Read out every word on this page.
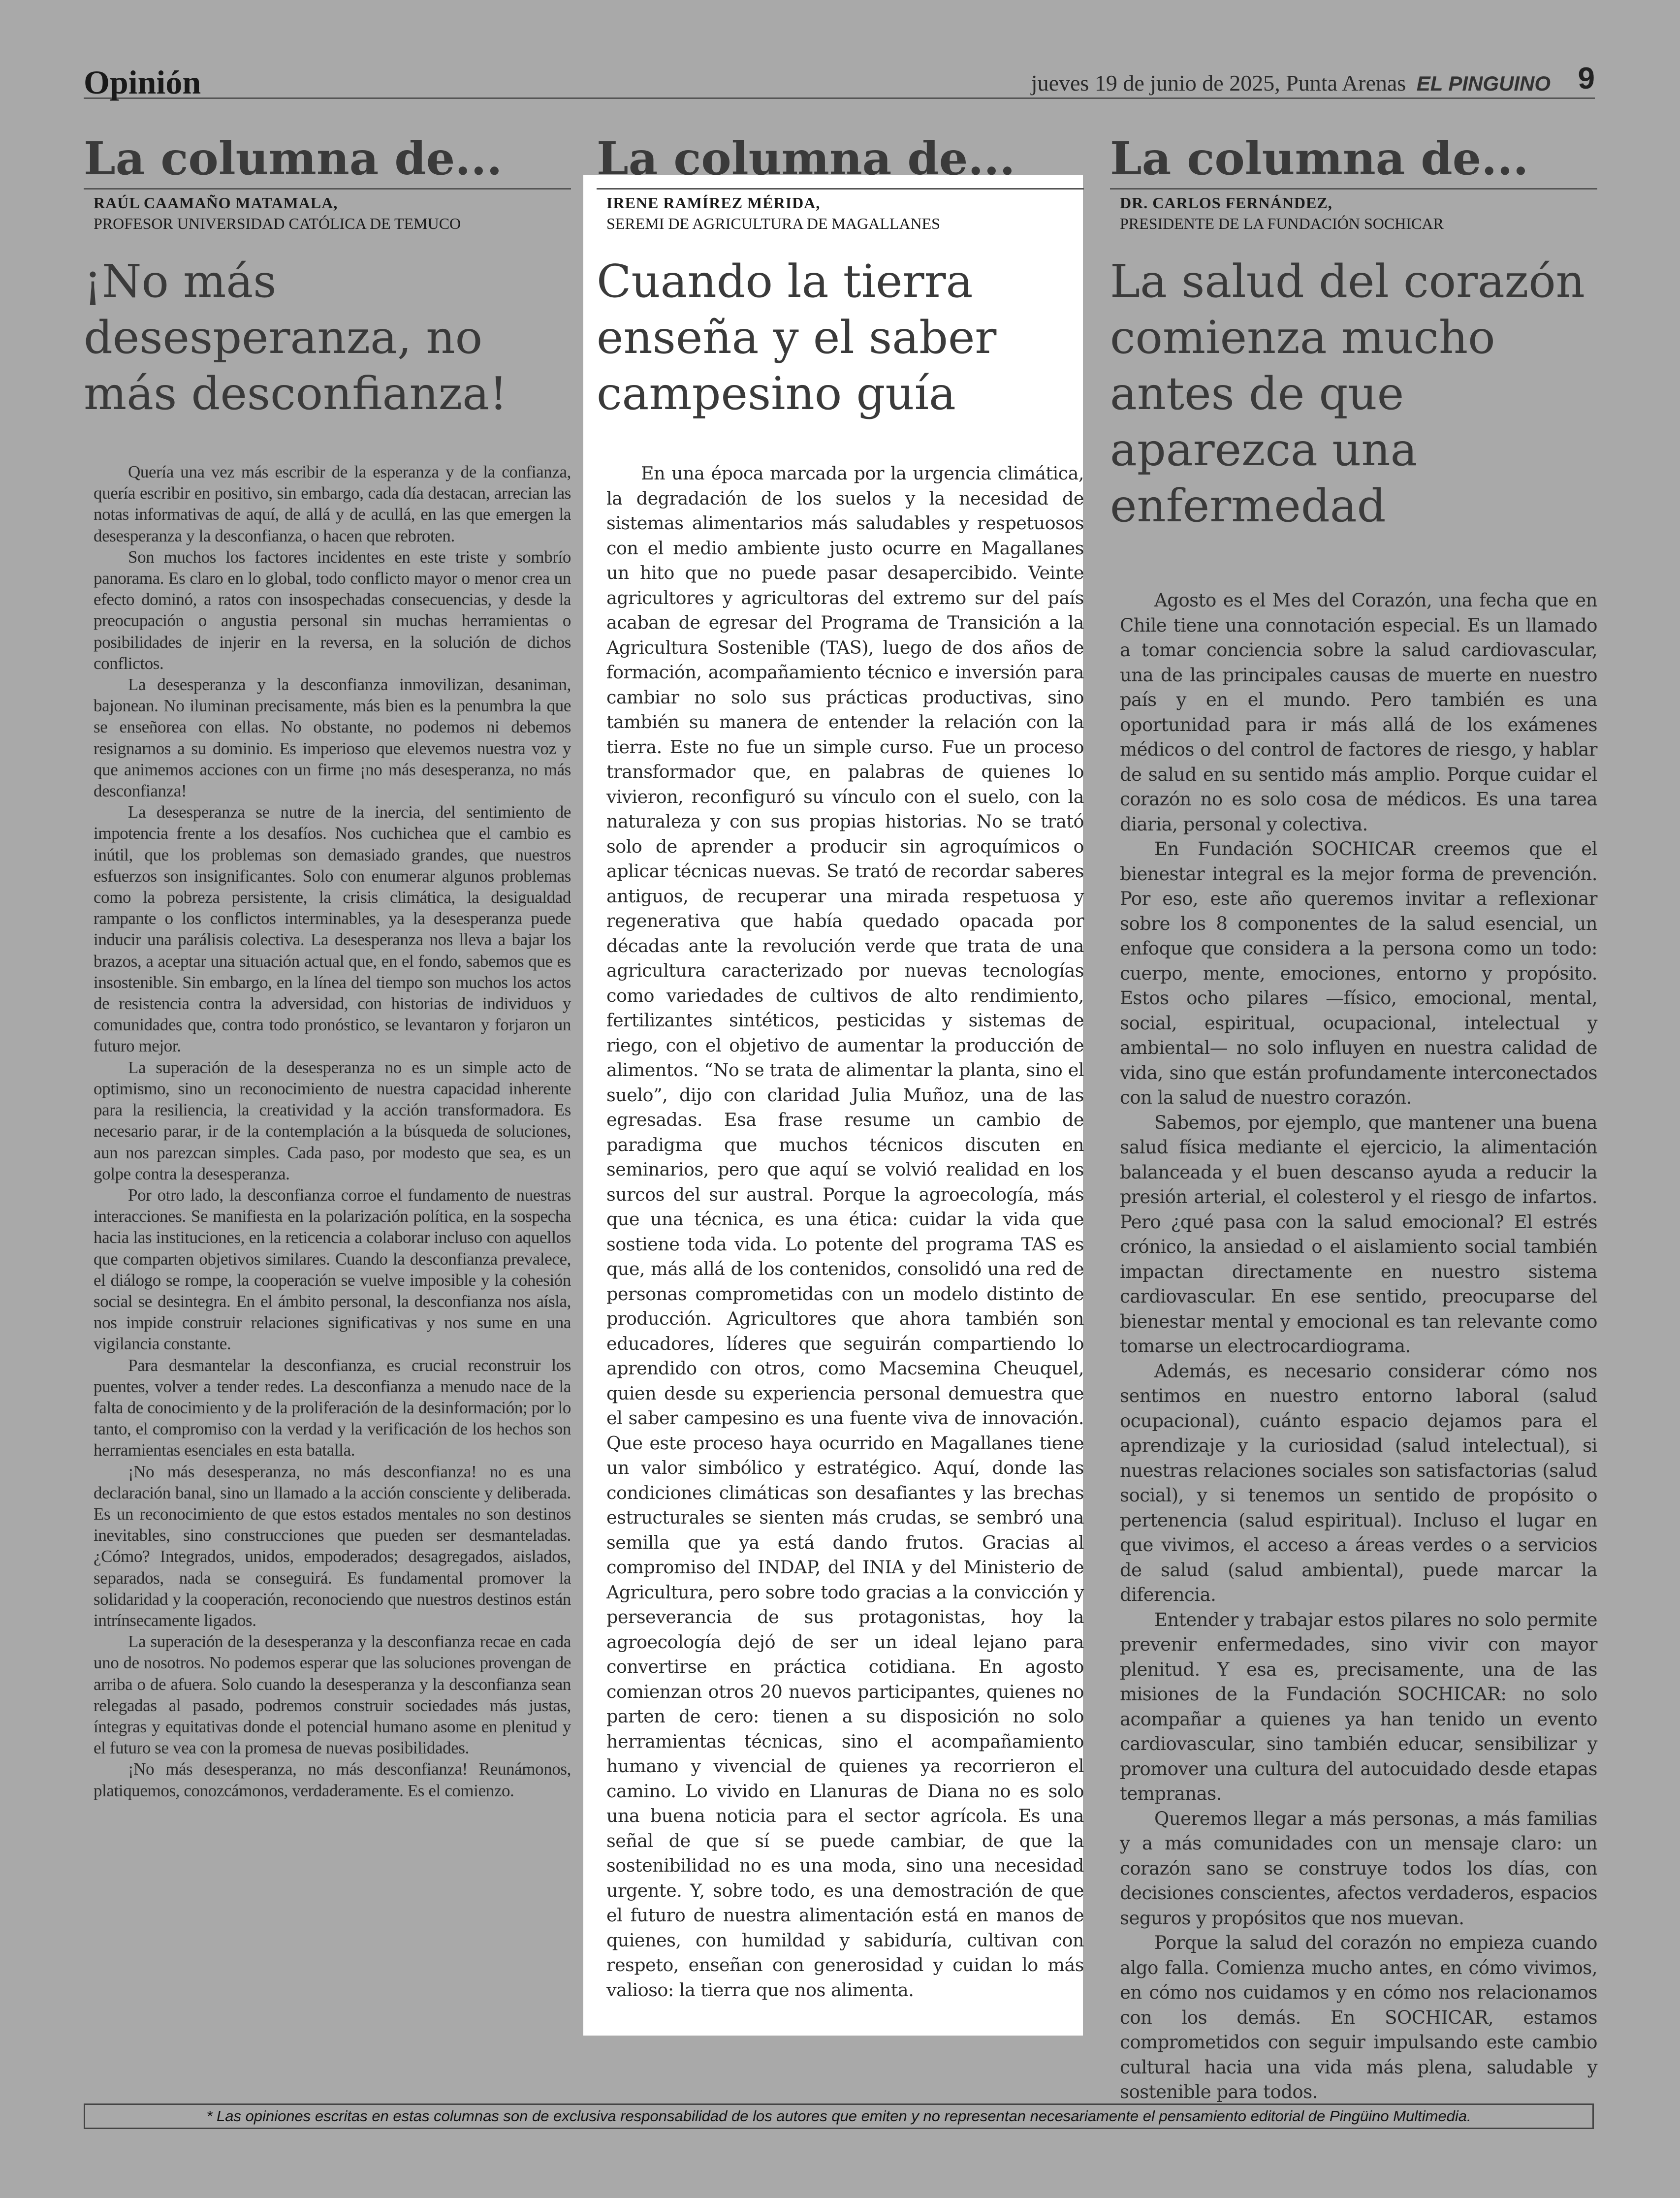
Opinión	jueves 19 de junio de 2025, Punta Arenas EL PINGUINO 9
La columna de...
RAÚL CAAMAÑO MATAMALA,
PROFESOR UNIVERSIDAD CATÓLICA DE TEMUCO
¡No más desesperanza, no más desconfianza!

Quería una vez más escribir de la esperanza y de la confianza, quería escribir en positivo, sin embargo, cada día destacan, arrecian las notas informativas de aquí, de allá y de acullá, en las que emergen la desesperanza y la desconfianza, o hacen que rebroten.

Son muchos los factores incidentes en este triste y sombrío panorama. Es claro en lo global, todo conflicto mayor o menor crea un efecto dominó, a ratos con insospechadas consecuencias, y desde la preocupación o angustia personal sin muchas herramientas o posibilidades de injerir en la reversa, en la solución de dichos conflictos.

La desesperanza y la desconfianza inmovilizan, desaniman, bajonean. No iluminan precisamente, más bien es la penumbra la que se enseñorea con ellas. No obstante, no podemos ni debemos resignarnos a su dominio. Es imperioso que elevemos nuestra voz y que animemos acciones con un firme ¡no más desesperanza, no más desconfianza!

La desesperanza se nutre de la inercia, del sentimiento de impotencia frente a los desafíos. Nos cuchichea que el cambio es inútil, que los problemas son demasiado grandes, que nuestros esfuerzos son insignificantes. Solo con enumerar algunos problemas como la pobreza persistente, la crisis climática, la desigualdad rampante o los conflictos interminables, ya la desesperanza puede inducir una parálisis colectiva. La desesperanza nos lleva a bajar los brazos, a aceptar una situación actual que, en el fondo, sabemos que es insostenible. Sin embargo, en la línea del tiempo son muchos los actos de resistencia contra la adversidad, con historias de individuos y comunidades que, contra todo pronóstico, se levantaron y forjaron un futuro mejor.

La superación de la desesperanza no es un simple acto de optimismo, sino un reconocimiento de nuestra capacidad inherente para la resiliencia, la creatividad y la acción transformadora. Es necesario parar, ir de la contemplación a la búsqueda de soluciones, aun nos parezcan simples. Cada paso, por modesto que sea, es un golpe contra la desesperanza.

Por otro lado, la desconfianza corroe el fundamento de nuestras interacciones. Se manifiesta en la polarización política, en la sospecha hacia las instituciones, en la reticencia a colaborar incluso con aquellos que comparten objetivos similares. Cuando la desconfianza prevalece, el diálogo se rompe, la cooperación se vuelve imposible y la cohesión social se desintegra. En el ámbito personal, la desconfianza nos aísla, nos impide construir relaciones significativas y nos sume en una vigilancia constante.

Para desmantelar la desconfianza, es crucial reconstruir los puentes, volver a tender redes. La desconfianza a menudo nace de la falta de conocimiento y de la proliferación de la desinformación; por lo tanto, el compromiso con la verdad y la verificación de los hechos son herramientas esenciales en esta batalla.

¡No más desesperanza, no más desconfianza! no es una declaración banal, sino un llamado a la acción consciente y deliberada. Es un reconocimiento de que estos estados mentales no son destinos inevitables, sino construcciones que pueden ser desmanteladas. ¿Cómo? Integrados, unidos, empoderados; desagregados, aislados, separados, nada se conseguirá. Es fundamental promover la solidaridad y la cooperación, reconociendo que nuestros destinos están intrínsecamente ligados.

La superación de la desesperanza y la desconfianza recae en cada uno de nosotros. No podemos esperar que las soluciones provengan de arriba o de afuera. Solo cuando la desesperanza y la desconfianza sean relegadas al pasado, podremos construir sociedades más justas, íntegras y equitativas donde el potencial humano asome en plenitud y el futuro se vea con la promesa de nuevas posibilidades.

¡No más desesperanza, no más desconfianza! Reunámonos, platiquemos, conozcámonos, verdaderamente. Es el comienzo.

La columna de...
IRENE RAMÍREZ MÉRIDA,
SEREMI DE AGRICULTURA DE MAGALLANES
Cuando la tierra enseña y el saber campesino guía

En una época marcada por la urgencia climática, la degradación de los suelos y la necesidad de sistemas alimentarios más saludables y respetuosos con el medio ambiente justo ocurre en Magallanes un hito que no puede pasar desapercibido. Veinte agricultores y agricultoras del extremo sur del país acaban de egresar del Programa de Transición a la Agricultura Sostenible (TAS), luego de dos años de formación, acompañamiento técnico e inversión para cambiar no solo sus prácticas productivas, sino también su manera de entender la relación con la tierra. Este no fue un simple curso. Fue un proceso transformador que, en palabras de quienes lo vivieron, reconfiguró su vínculo con el suelo, con la naturaleza y con sus propias historias. No se trató solo de aprender a producir sin agroquímicos o aplicar técnicas nuevas. Se trató de recordar saberes antiguos, de recuperar una mirada respetuosa y regenerativa que había quedado opacada por décadas ante la revolución verde que trata de una agricultura caracterizado por nuevas tecnologías como variedades de cultivos de alto rendimiento, fertilizantes sintéticos, pesticidas y sistemas de riego, con el objetivo de aumentar la producción de alimentos. “No se trata de alimentar la planta, sino el suelo”, dijo con claridad Julia Muñoz, una de las egresadas. Esa frase resume un cambio de paradigma que muchos técnicos discuten en seminarios, pero que aquí se volvió realidad en los surcos del sur austral. Porque la agroecología, más que una técnica, es una ética: cuidar la vida que sostiene toda vida. Lo potente del programa TAS es que, más allá de los contenidos, consolidó una red de personas comprometidas con un modelo distinto de producción. Agricultores que ahora también son educadores, líderes que seguirán compartiendo lo aprendido con otros, como Macsemina Cheuquel, quien desde su experiencia personal demuestra que el saber campesino es una fuente viva de innovación. Que este proceso haya ocurrido en Magallanes tiene un valor simbólico y estratégico. Aquí, donde las condiciones climáticas son desafiantes y las brechas estructurales se sienten más crudas, se sembró una semilla que ya está dando frutos. Gracias al compromiso del INDAP, del INIA y del Ministerio de Agricultura, pero sobre todo gracias a la convicción y perseverancia de sus protagonistas, hoy la agroecología dejó de ser un ideal lejano para convertirse en práctica cotidiana. En agosto comienzan otros 20 nuevos participantes, quienes no parten de cero: tienen a su disposición no solo herramientas técnicas, sino el acompañamiento humano y vivencial de quienes ya recorrieron el camino. Lo vivido en Llanuras de Diana no es solo una buena noticia para el sector agrícola. Es una señal de que sí se puede cambiar, de que la sostenibilidad no es una moda, sino una necesidad urgente. Y, sobre todo, es una demostración de que el futuro de nuestra alimentación está en manos de quienes, con humildad y sabiduría, cultivan con respeto, enseñan con generosidad y cuidan lo más valioso: la tierra que nos alimenta.

La columna de...
DR. CARLOS FERNÁNDEZ,
PRESIDENTE DE LA FUNDACIÓN SOCHICAR
La salud del corazón comienza mucho antes de que aparezca una enfermedad

Agosto es el Mes del Corazón, una fecha que en Chile tiene una connotación especial. Es un llamado a tomar conciencia sobre la salud cardiovascular, una de las principales causas de muerte en nuestro país y en el mundo. Pero también es una oportunidad para ir más allá de los exámenes médicos o del control de factores de riesgo, y hablar de salud en su sentido más amplio. Porque cuidar el corazón no es solo cosa de médicos. Es una tarea diaria, personal y colectiva.

En Fundación SOCHICAR creemos que el bienestar integral es la mejor forma de prevención. Por eso, este año queremos invitar a reflexionar sobre los 8 componentes de la salud esencial, un enfoque que considera a la persona como un todo: cuerpo, mente, emociones, entorno y propósito. Estos ocho pilares —físico, emocional, mental, social, espiritual, ocupacional, intelectual y ambiental— no solo influyen en nuestra calidad de vida, sino que están profundamente interconectados con la salud de nuestro corazón.

Sabemos, por ejemplo, que mantener una buena salud física mediante el ejercicio, la alimentación balanceada y el buen descanso ayuda a reducir la presión arterial, el colesterol y el riesgo de infartos. Pero ¿qué pasa con la salud emocional? El estrés crónico, la ansiedad o el aislamiento social también impactan directamente en nuestro sistema cardiovascular. En ese sentido, preocuparse del bienestar mental y emocional es tan relevante como tomarse un electrocardiograma.

Además, es necesario considerar cómo nos sentimos en nuestro entorno laboral (salud ocupacional), cuánto espacio dejamos para el aprendizaje y la curiosidad (salud intelectual), si nuestras relaciones sociales son satisfactorias (salud social), y si tenemos un sentido de propósito o pertenencia (salud espiritual). Incluso el lugar en que vivimos, el acceso a áreas verdes o a servicios de salud (salud ambiental), puede marcar la diferencia.

Entender y trabajar estos pilares no solo permite prevenir enfermedades, sino vivir con mayor plenitud. Y esa es, precisamente, una de las misiones de la Fundación SOCHICAR: no solo acompañar a quienes ya han tenido un evento cardiovascular, sino también educar, sensibilizar y promover una cultura del autocuidado desde etapas tempranas.

Queremos llegar a más personas, a más familias y a más comunidades con un mensaje claro: un corazón sano se construye todos los días, con decisiones conscientes, afectos verdaderos, espacios seguros y propósitos que nos muevan.

Porque la salud del corazón no empieza cuando algo falla. Comienza mucho antes, en cómo vivimos, en cómo nos cuidamos y en cómo nos relacionamos con los demás. En SOCHICAR, estamos comprometidos con seguir impulsando este cambio cultural hacia una vida más plena, saludable y sostenible para todos.

* Las opiniones escritas en estas columnas son de exclusiva responsabilidad de los autores que emiten y no representan necesariamente el pensamiento editorial de Pingüino Multimedia.
